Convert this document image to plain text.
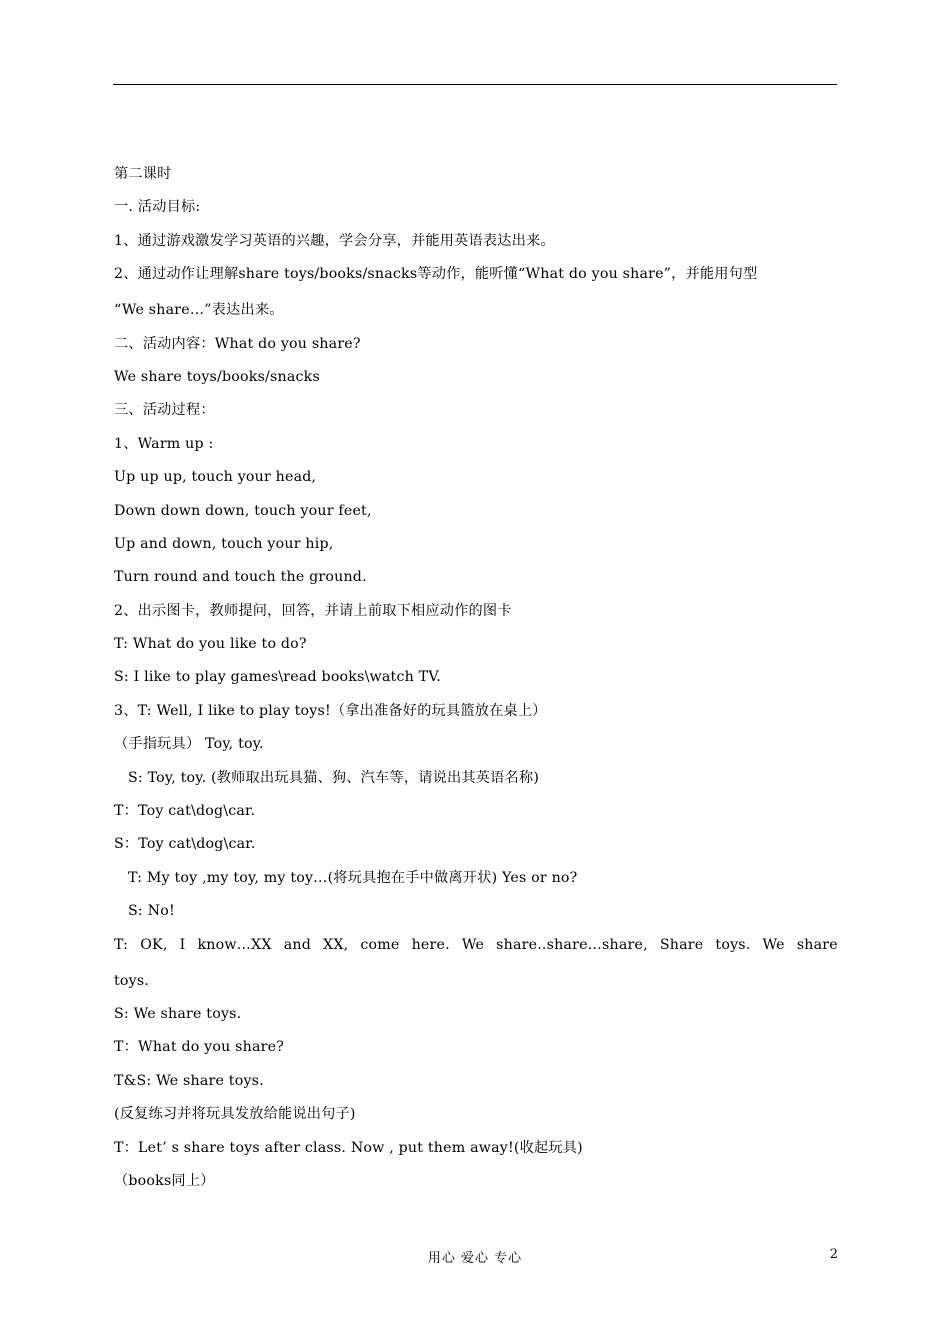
第二课时
一. 活动目标:
1、通过游戏激发学习英语的兴趣，学会分享，并能用英语表达出来。
2、通过动作让理解share toys/books/snacks等动作，能听懂“What do you share”，并能用句型
“We share…”表达出来。
二、活动内容：What do you share?
We share toys/books/snacks
三、活动过程：
1、Warm up :
Up up up, touch your head,
Down down down, touch your feet,
Up and down, touch your hip,
Turn round and touch the ground.
2、出示图卡，教师提问，回答，并请上前取下相应动作的图卡
T: What do you like to do?
S: I like to play games\read books\watch TV.
3、T: Well, I like to play toys!（拿出准备好的玩具篮放在桌上）
（手指玩具） Toy, toy.
S: Toy, toy. (教师取出玩具猫、狗、汽车等，请说出其英语名称)
T：Toy cat\dog\car.
S：Toy cat\dog\car.
T: My toy ,my toy, my toy…(将玩具抱在手中做离开状) Yes or no?
S: No!
T: OK, I know…XX and XX, come here. We share..share…share, Share toys. We share
toys.
S: We share toys.
T：What do you share?
T&S: We share toys.
(反复练习并将玩具发放给能说出句子)
T：Let’ s share toys after class. Now , put them away!(收起玩具)
（books同上）
用心 爱心 专心	2
